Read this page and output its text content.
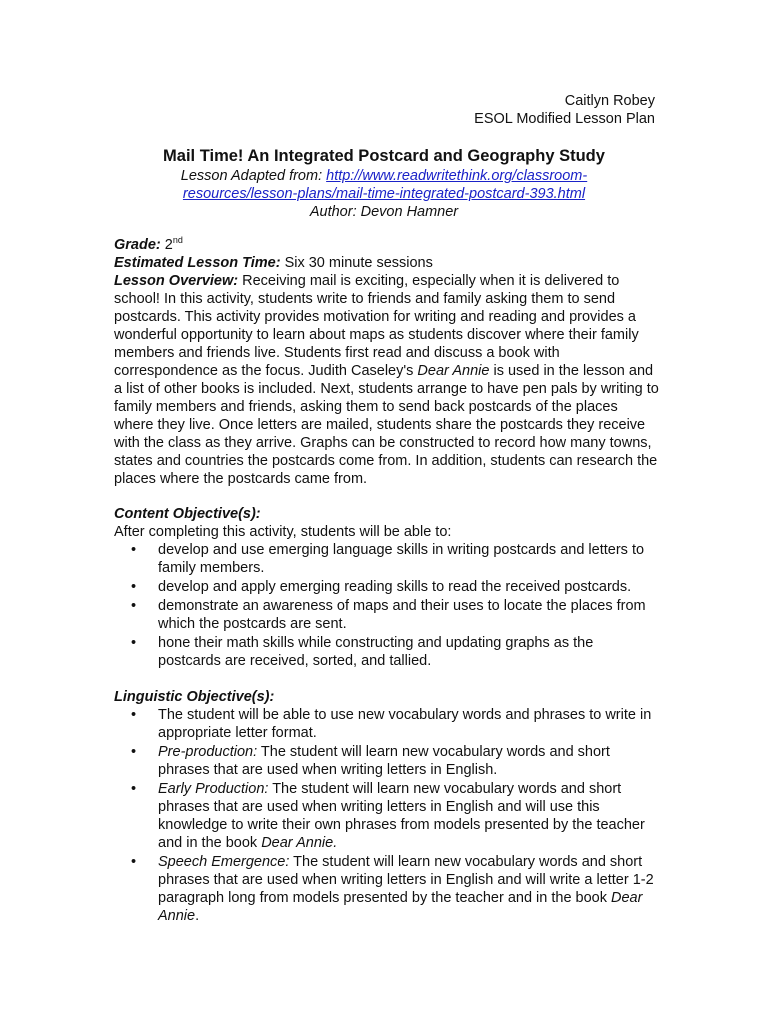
Caitlyn Robey
ESOL Modified Lesson Plan
Mail Time! An Integrated Postcard and Geography Study
Lesson Adapted from: http://www.readwritethink.org/classroom-
resources/lesson-plans/mail-time-integrated-postcard-393.html
Author: Devon Hamner

Grade: 2nd

Estimated Lesson Time: Six 30 minute sessions

Lesson Overview: Receiving mail is exciting, especially when it is delivered to school! In this activity, students write to friends and family asking them to send postcards. This activity provides motivation for writing and reading and provides a wonderful opportunity to learn about maps as students discover where their family members and friends live. Students first read and discuss a book with correspondence as the focus. Judith Caseley's Dear Annie is used in the lesson and a list of other books is included. Next, students arrange to have pen pals by writing to family members and friends, asking them to send back postcards of the places where they live. Once letters are mailed, students share the postcards they receive with the class as they arrive. Graphs can be constructed to record how many towns, states and countries the postcards come from. In addition, students can research the places where the postcards came from.

Content Objective(s):

After completing this activity, students will be able to:

• develop and use emerging language skills in writing postcards and letters to family members.
• develop and apply emerging reading skills to read the received postcards.
• demonstrate an awareness of maps and their uses to locate the places from which the postcards are sent.
• hone their math skills while constructing and updating graphs as the postcards are received, sorted, and tallied.

Linguistic Objective(s):

• The student will be able to use new vocabulary words and phrases to write in appropriate letter format.
• Pre-production: The student will learn new vocabulary words and short phrases that are used when writing letters in English.
• Early Production: The student will learn new vocabulary words and short phrases that are used when writing letters in English and will use this knowledge to write their own phrases from models presented by the teacher and in the book Dear Annie.
• Speech Emergence: The student will learn new vocabulary words and short phrases that are used when writing letters in English and will write a letter 1-2 paragraph long from models presented by the teacher and in the book Dear Annie.
